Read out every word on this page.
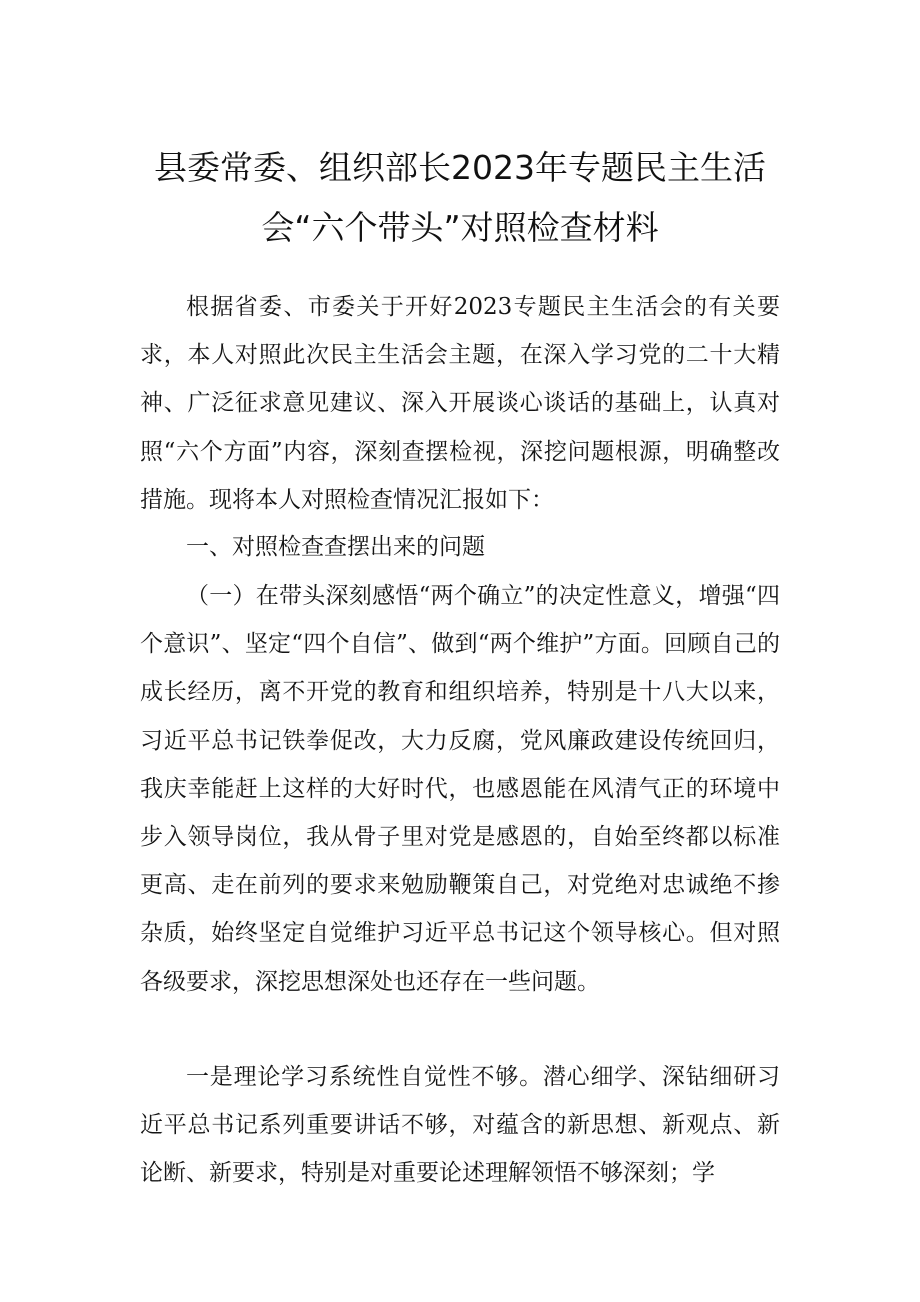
县委常委、组织部长2023年专题民主生活
会“六个带头”对照检查材料

根据省委、市委关于开好2023专题民主生活会的有关要求，本人对照此次民主生活会主题，在深入学习党的二十大精神、广泛征求意见建议、深入开展谈心谈话的基础上，认真对照“六个方面”内容，深刻查摆检视，深挖问题根源，明确整改措施。现将本人对照检查情况汇报如下：

一、对照检查查摆出来的问题

（一）在带头深刻感悟“两个确立”的决定性意义，增强“四个意识”、坚定“四个自信”、做到“两个维护”方面。回顾自己的成长经历，离不开党的教育和组织培养，特别是十八大以来，习近平总书记铁拳促改，大力反腐，党风廉政建设传统回归，我庆幸能赶上这样的大好时代，也感恩能在风清气正的环境中步入领导岗位，我从骨子里对党是感恩的，自始至终都以标准更高、走在前列的要求来勉励鞭策自己，对党绝对忠诚绝不掺杂质，始终坚定自觉维护习近平总书记这个领导核心。但对照各级要求，深挖思想深处也还存在一些问题。

一是理论学习系统性自觉性不够。潜心细学、深钻细研习近平总书记系列重要讲话不够，对蕴含的新思想、新观点、新论断、新要求，特别是对重要论述理解领悟不够深刻；学
